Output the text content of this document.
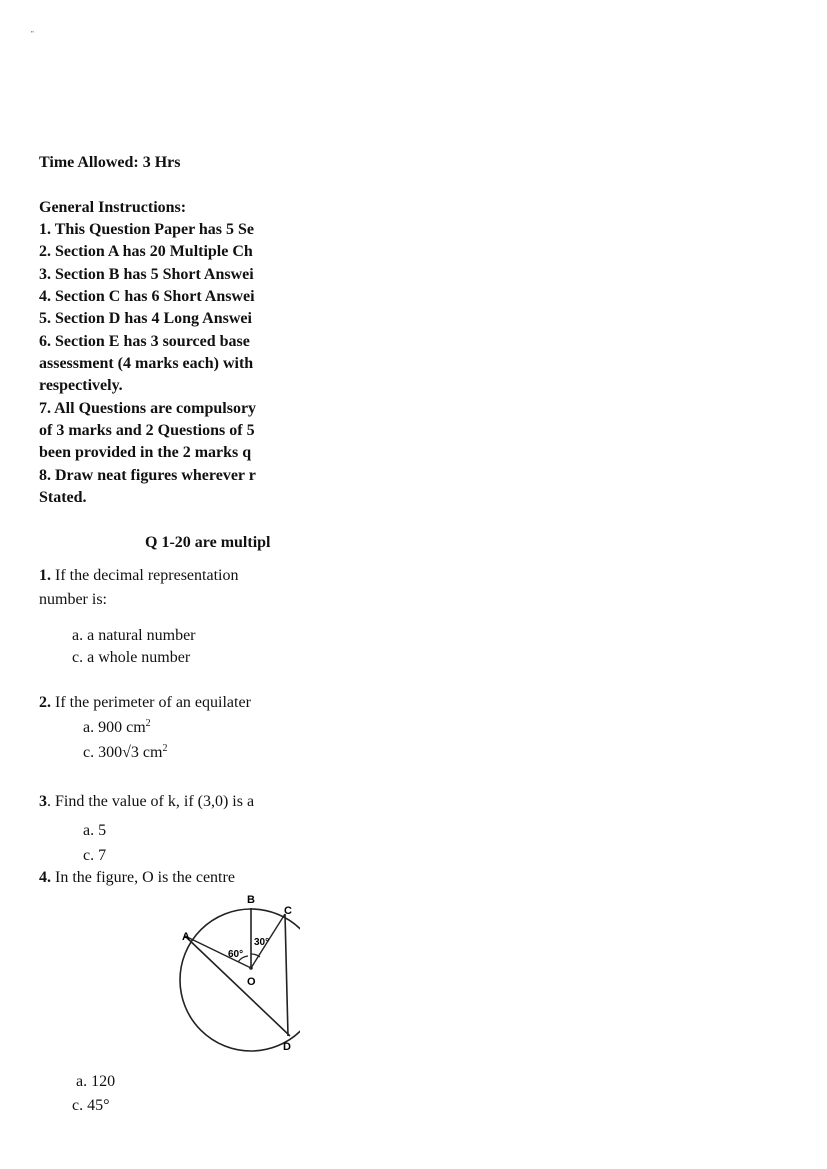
"
Time Allowed: 3 Hrs
General Instructions:
1. This Question Paper has 5 Se
2. Section A has 20 Multiple Ch
3. Section B has 5 Short Answei
4. Section C has 6 Short Answei
5. Section D has 4 Long Answei
6. Section E has 3 sourced base
assessment (4 marks each) with
respectively.
7. All Questions are compulsory
of 3 marks and 2 Questions of 5
been provided in the 2 marks q
8. Draw neat figures wherever r
Stated.
Q 1-20 are multipl
1. If the decimal representation
number is:
a. a natural number
c. a whole number
2. If the perimeter of an equilater
a. 900 $cm^2$
c. 300√3 $cm^2$
3. Find the value of k, if (3,0) is a
a. 5
c. 7
4. In the figure, O is the centre
A
B
C
D
O
60°
30°
a. 120
c. 45°
